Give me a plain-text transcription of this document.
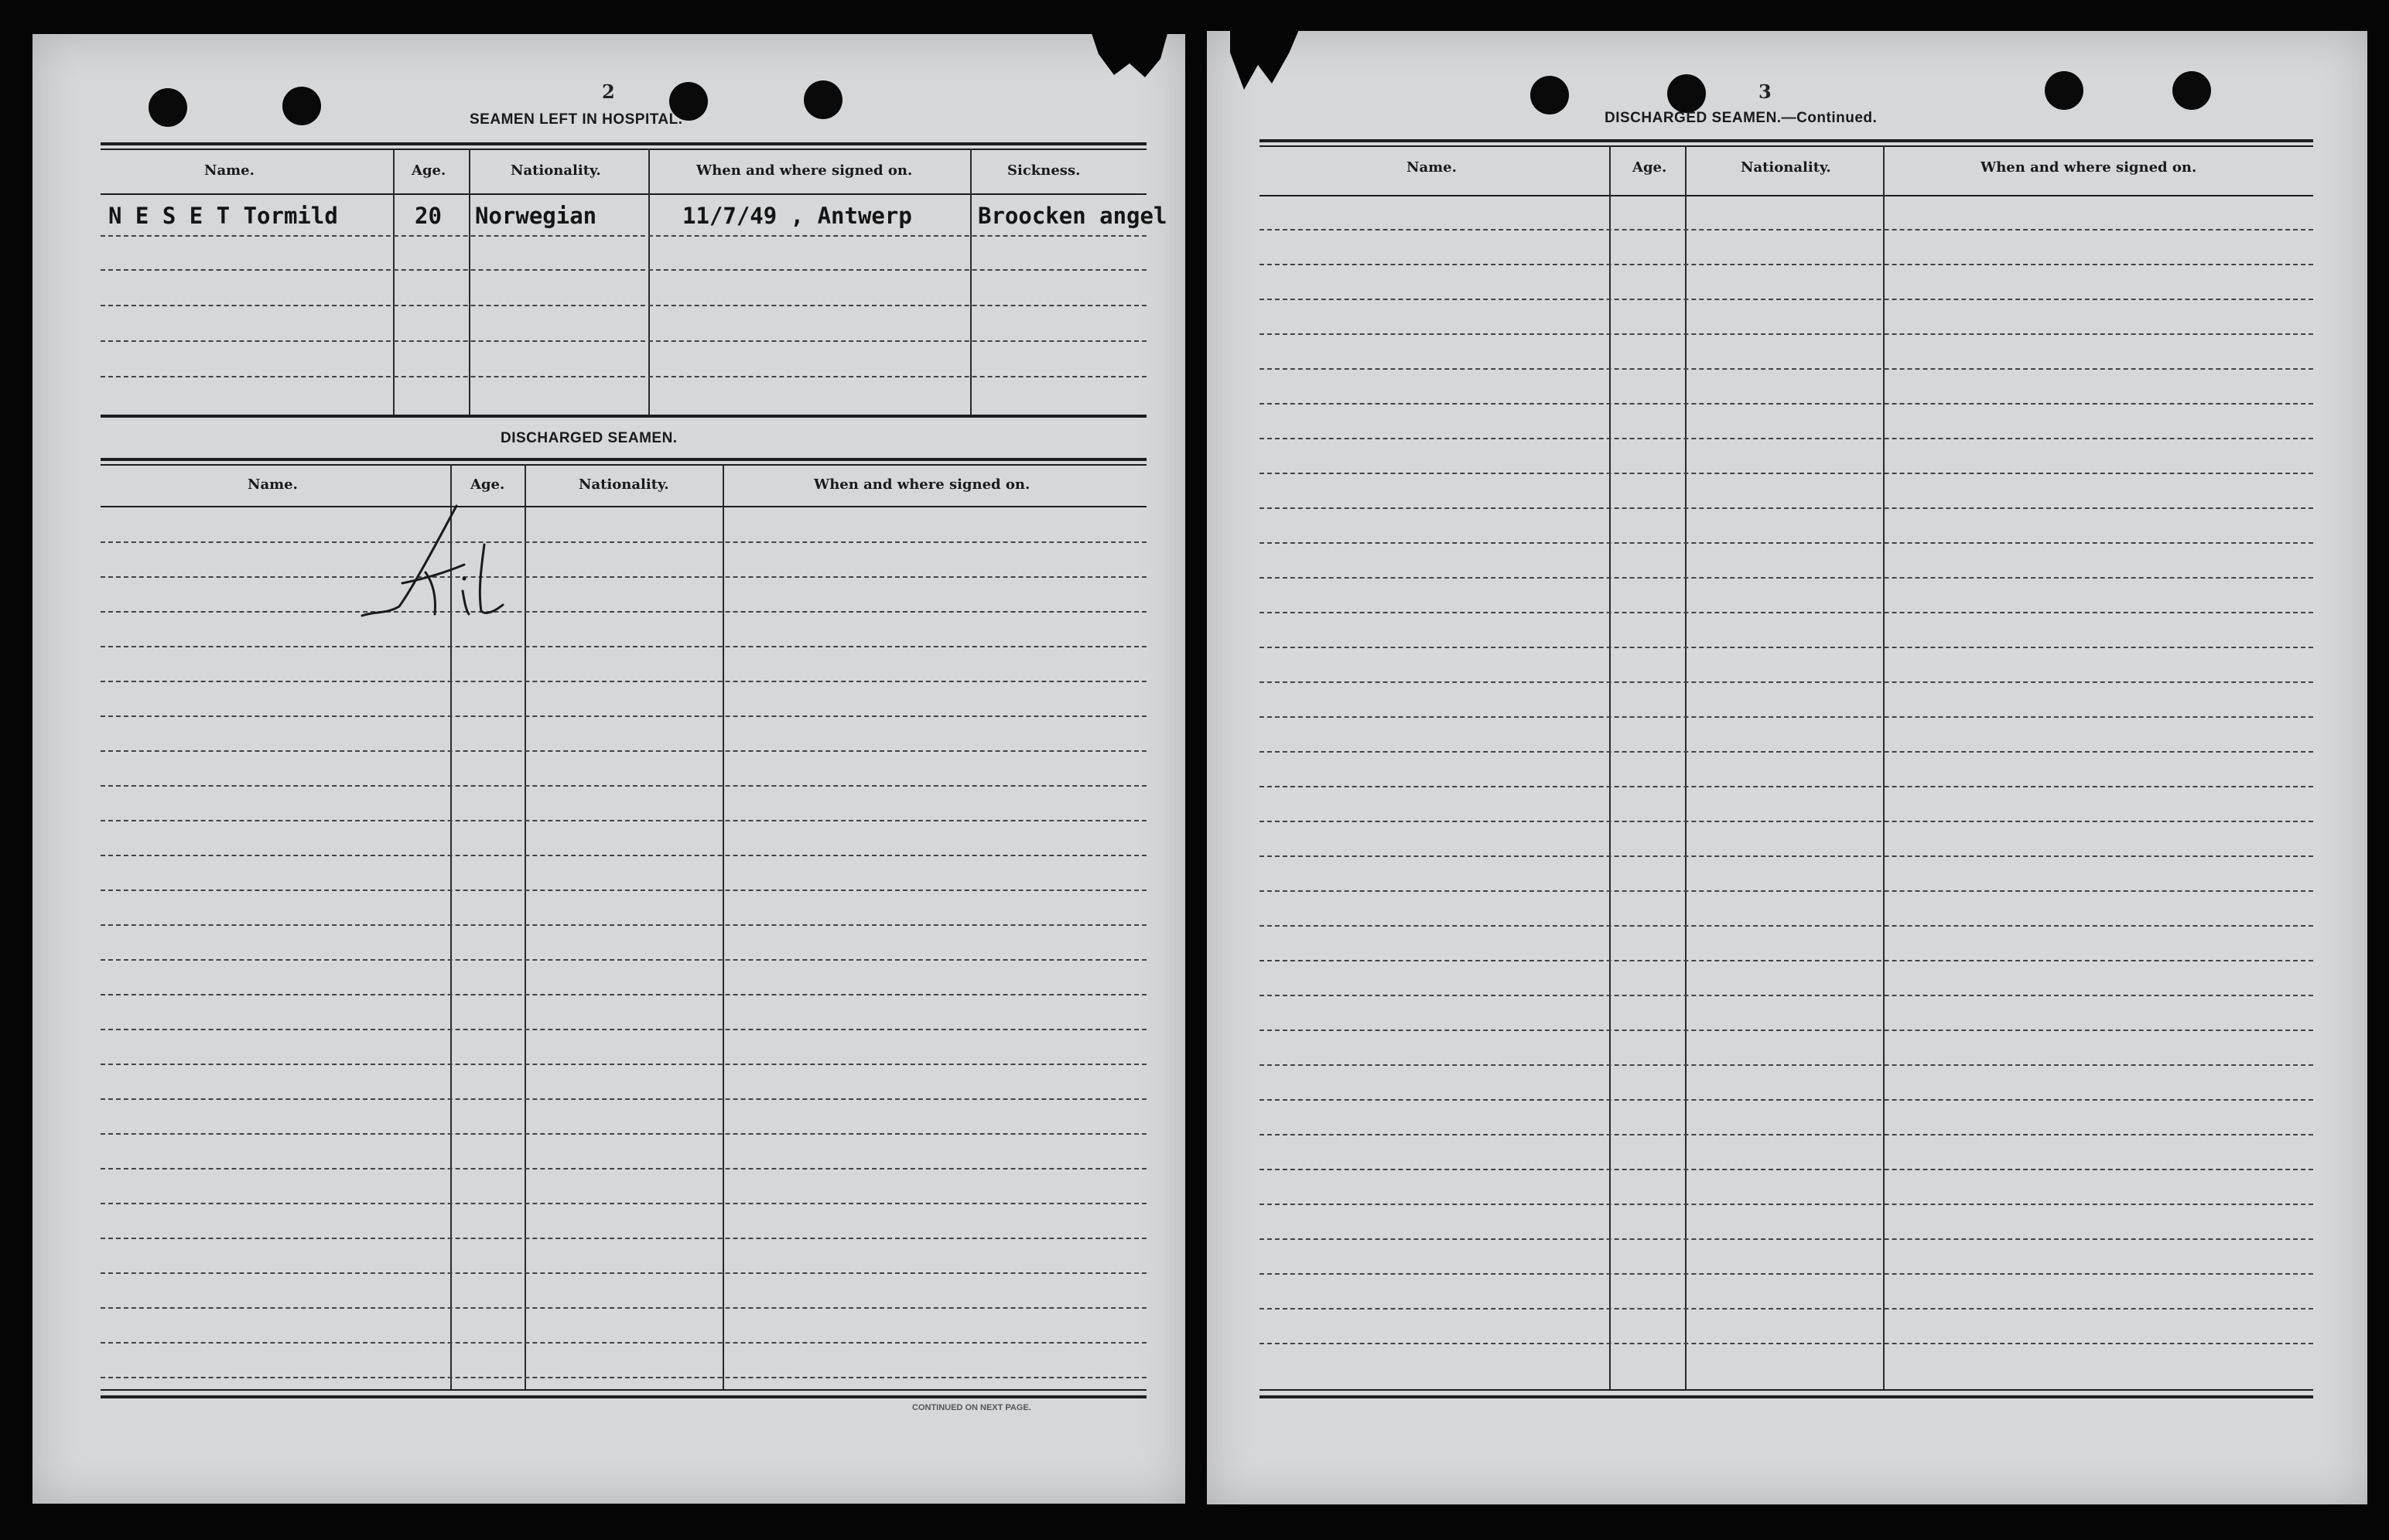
2
SEAMEN LEFT IN HOSPITAL.
Name.	Age.	Nationality.	When and where signed on.	Sickness.
N E S E T Tormild	20 Norwegian	11/7/49 , Antwerp	Broocken angel
DISCHARGED SEAMEN.
Name.	Age.	Nationality.	When and where signed on.
CONTINUED ON NEXT PAGE.
3
DISCHARGED SEAMEN.—Continued.
Name.	Age.	Nationality.	When and where signed on.
